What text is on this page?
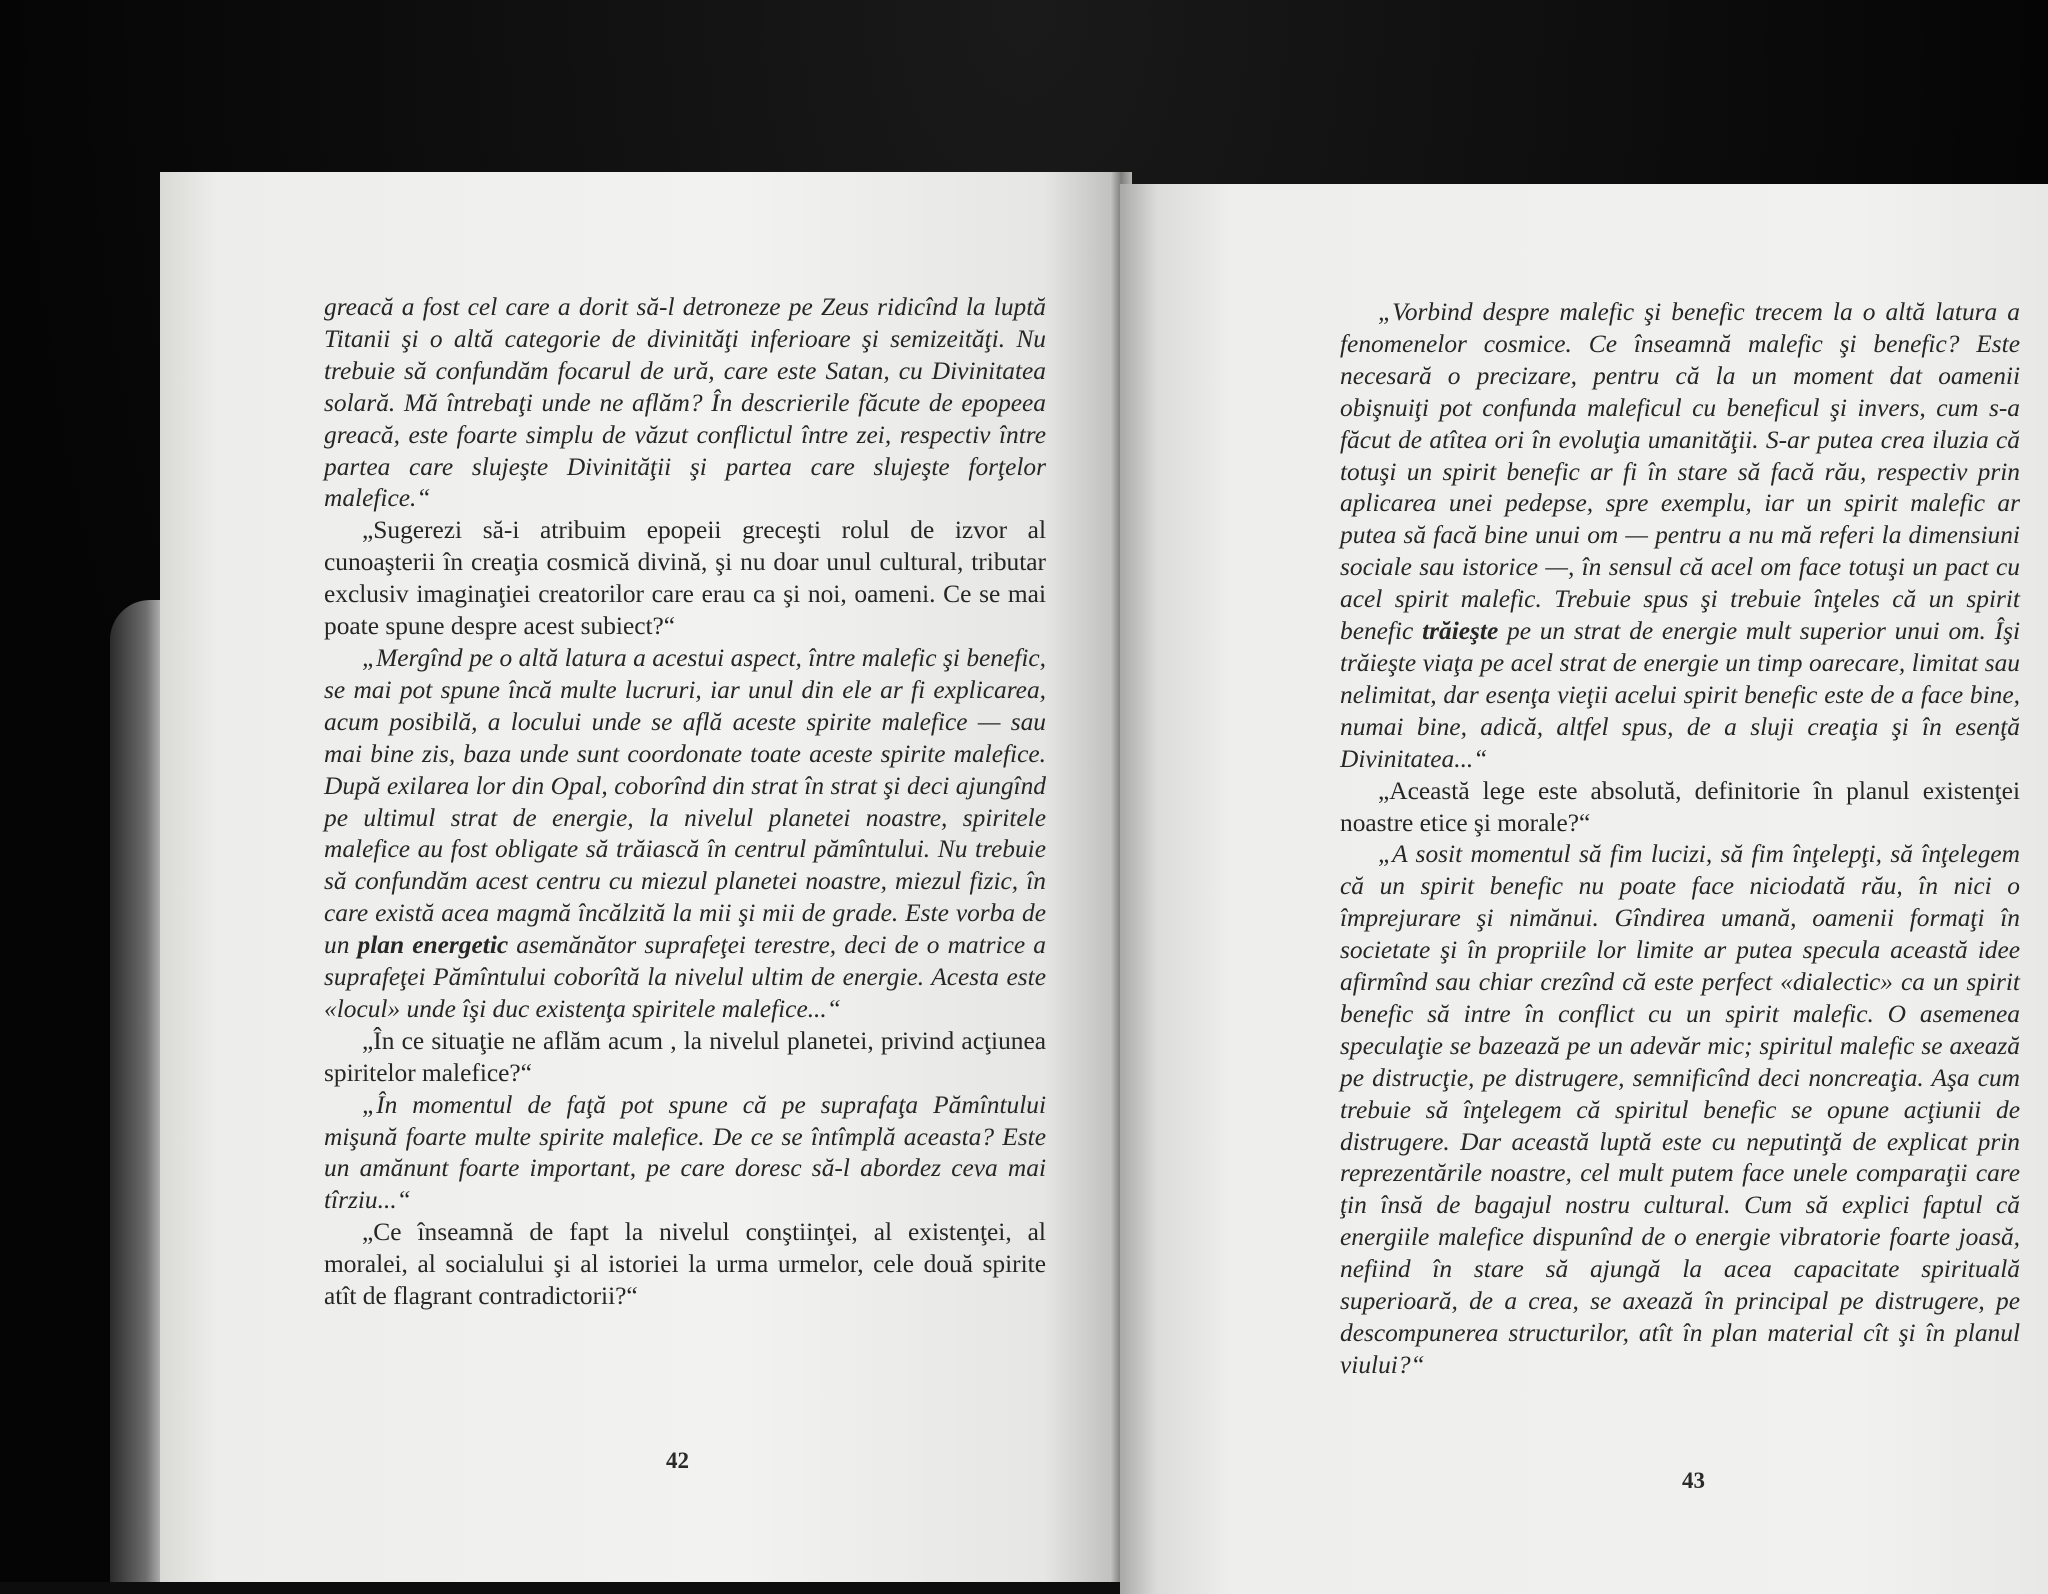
greacă a fost cel care a dorit să-l detroneze pe Zeus ridicînd la luptă Titanii şi o altă categorie de divinităţi inferioare şi semizeităţi. Nu trebuie să confundăm focarul de ură, care este Satan, cu Divinitatea solară. Mă întrebaţi unde ne aflăm? În descrierile făcute de epopeea greacă, este foarte simplu de văzut conflictul între zei, respectiv între partea care slujeşte Divinităţii şi partea care slujeşte forţelor malefice.“

„Sugerezi să-i atribuim epopeii greceşti rolul de izvor al cunoaşterii în creaţia cosmică divină, şi nu doar unul cultural, tributar exclusiv imaginaţiei creatorilor care erau ca şi noi, oameni. Ce se mai poate spune despre acest subiect?“

„Mergînd pe o altă latura a acestui aspect, între malefic şi benefic, se mai pot spune încă multe lucruri, iar unul din ele ar fi explicarea, acum posibilă, a locului unde se află aceste spirite malefice — sau mai bine zis, baza unde sunt coordonate toate aceste spirite malefice. După exilarea lor din Opal, coborînd din strat în strat şi deci ajungînd pe ultimul strat de energie, la nivelul planetei noastre, spiritele malefice au fost obligate să trăiască în centrul pămîntului. Nu trebuie să confundăm acest centru cu miezul planetei noastre, miezul fizic, în care există acea magmă încălzită la mii şi mii de grade. Este vorba de un plan energetic asemănător suprafeţei terestre, deci de o matrice a suprafeţei Pămîntului coborîtă la nivelul ultim de energie. Acesta este «locul» unde îşi duc existenţa spiritele malefice...“

„În ce situaţie ne aflăm acum , la nivelul planetei, privind acţiunea spiritelor malefice?“

„În momentul de faţă pot spune că pe suprafaţa Pămîntului mişună foarte multe spirite malefice. De ce se întîmplă aceasta? Este un amănunt foarte important, pe care doresc să-l abordez ceva mai tîrziu...“

„Ce înseamnă de fapt la nivelul conştiinţei, al existenţei, al moralei, al socialului şi al istoriei la urma urmelor, cele două spirite atît de flagrant contradictorii?“

42

„Vorbind despre malefic şi benefic trecem la o altă latura a fenomenelor cosmice. Ce înseamnă malefic şi benefic? Este necesară o precizare, pentru că la un moment dat oamenii obişnuiţi pot confunda maleficul cu beneficul şi invers, cum s-a făcut de atîtea ori în evoluţia umanităţii. S-ar putea crea iluzia că totuşi un spirit benefic ar fi în stare să facă rău, respectiv prin aplicarea unei pedepse, spre exemplu, iar un spirit malefic ar putea să facă bine unui om — pentru a nu mă referi la dimensiuni sociale sau istorice —, în sensul că acel om face totuşi un pact cu acel spirit malefic. Trebuie spus şi trebuie înţeles că un spirit benefic trăieşte pe un strat de energie mult superior unui om. Îşi trăieşte viaţa pe acel strat de energie un timp oarecare, limitat sau nelimitat, dar esenţa vieţii acelui spirit benefic este de a face bine, numai bine, adică, altfel spus, de a sluji creaţia şi în esenţă Divinitatea...“

„Această lege este absolută, definitorie în planul existenţei noastre etice şi morale?“

„A sosit momentul să fim lucizi, să fim înţelepţi, să înţelegem că un spirit benefic nu poate face niciodată rău, în nici o împrejurare şi nimănui. Gîndirea umană, oamenii formaţi în societate şi în propriile lor limite ar putea specula această idee afirmînd sau chiar crezînd că este perfect «dialectic» ca un spirit benefic să intre în conflict cu un spirit malefic. O asemenea speculaţie se bazează pe un adevăr mic; spiritul malefic se axează pe distrucţie, pe distrugere, semnificînd deci noncreaţia. Aşa cum trebuie să înţelegem că spiritul benefic se opune acţiunii de distrugere. Dar această luptă este cu neputinţă de explicat prin reprezentările noastre, cel mult putem face unele comparaţii care ţin însă de bagajul nostru cultural. Cum să explici faptul că energiile malefice dispunînd de o energie vibratorie foarte joasă, nefiind în stare să ajungă la acea capacitate spirituală superioară, de a crea, se axează în principal pe distrugere, pe descompunerea structurilor, atît în plan material cît şi în planul viului?“

43
